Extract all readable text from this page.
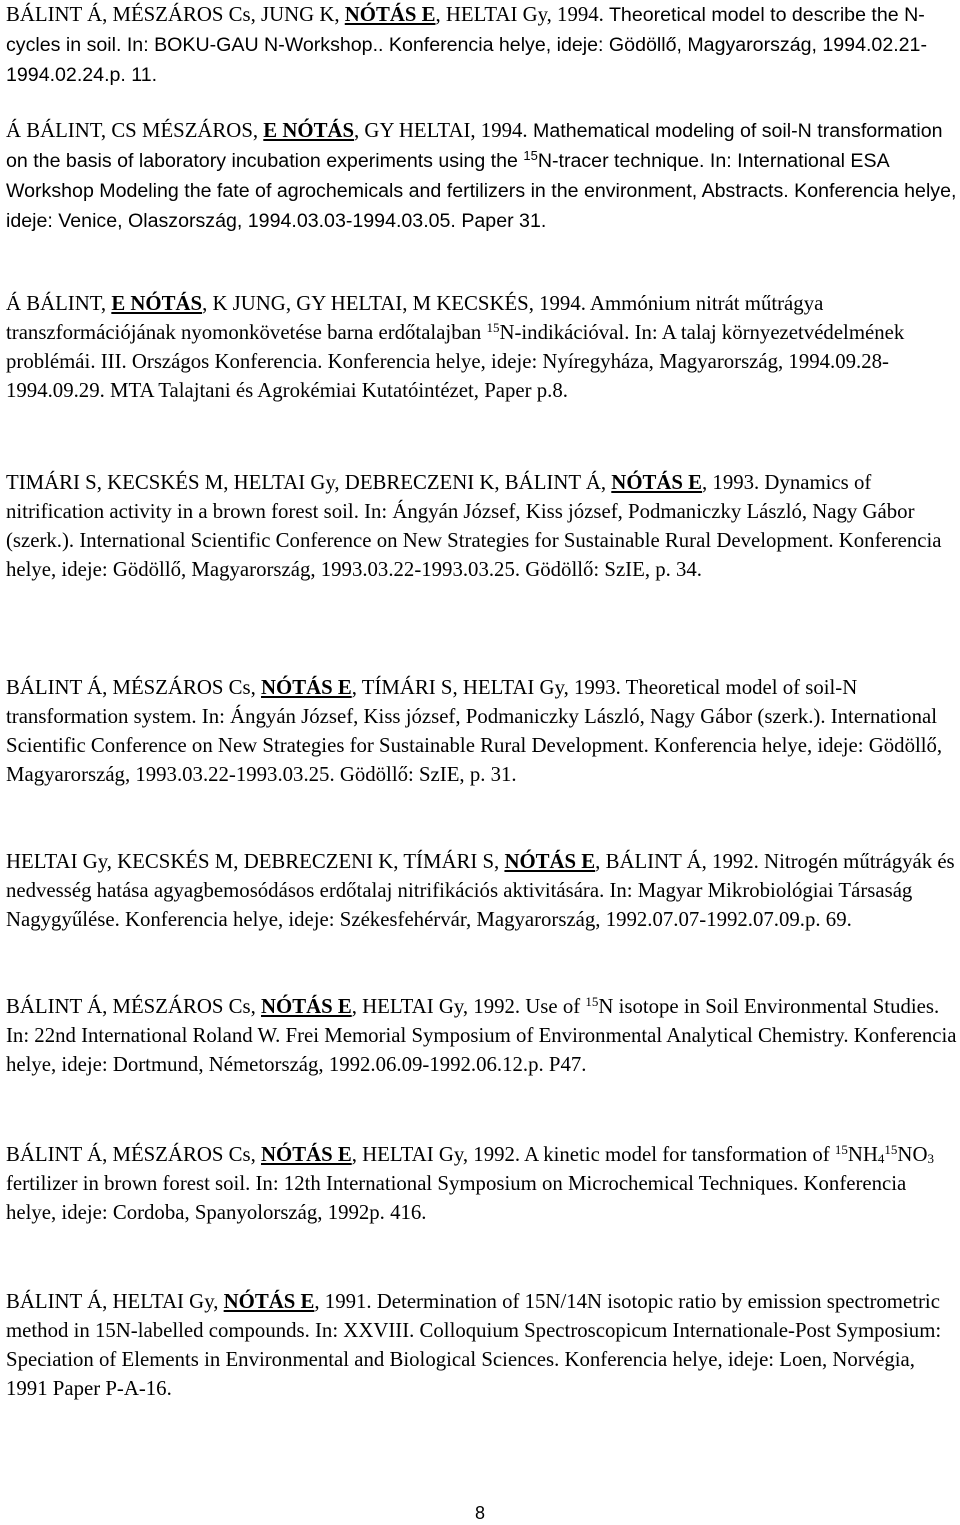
BÁLINT Á, MÉSZÁROS Cs, JUNG K, NÓTÁS E, HELTAI Gy, 1994. Theoretical model to describe the N-cycles in soil. In: BOKU-GAU N-Workshop.. Konferencia helye, ideje: Gödöllő, Magyarország, 1994.02.21-1994.02.24.p. 11.

Á BÁLINT, CS MÉSZÁROS, E NÓTÁS, GY HELTAI, 1994. Mathematical modeling of soil-N transformation on the basis of laboratory incubation experiments using the $^{15}$N-tracer technique. In: International ESA Workshop Modeling the fate of agrochemicals and fertilizers in the environment, Abstracts. Konferencia helye, ideje: Venice, Olaszország, 1994.03.03-1994.03.05. Paper 31.

Á BÁLINT, E NÓTÁS, K JUNG, GY HELTAI, M KECSKÉS, 1994. Ammónium nitrát műtrágya transzformációjának nyomonkövetése barna erdőtalajban $^{15}$N-indikációval. In: A talaj környezetvédelmének problémái. III. Országos Konferencia. Konferencia helye, ideje: Nyíregyháza, Magyarország, 1994.09.28-1994.09.29. MTA Talajtani és Agrokémiai Kutatóintézet, Paper p.8.

TIMÁRI S, KECSKÉS M, HELTAI Gy, DEBRECZENI K, BÁLINT Á, NÓTÁS E, 1993. Dynamics of nitrification activity in a brown forest soil. In: Ángyán József, Kiss józsef, Podmaniczky László, Nagy Gábor (szerk.). International Scientific Conference on New Strategies for Sustainable Rural Development. Konferencia helye, ideje: Gödöllő, Magyarország, 1993.03.22-1993.03.25. Gödöllő: SzIE, p. 34.

BÁLINT Á, MÉSZÁROS Cs, NÓTÁS E, TÍMÁRI S, HELTAI Gy, 1993. Theoretical model of soil-N transformation system. In: Ángyán József, Kiss józsef, Podmaniczky László, Nagy Gábor (szerk.). International Scientific Conference on New Strategies for Sustainable Rural Development. Konferencia helye, ideje: Gödöllő, Magyarország, 1993.03.22-1993.03.25. Gödöllő: SzIE, p. 31.

HELTAI Gy, KECSKÉS M, DEBRECZENI K, TÍMÁRI S, NÓTÁS E, BÁLINT Á, 1992. Nitrogén műtrágyák és nedvesség hatása agyagbemosódásos erdőtalaj nitrifikációs aktivitására. In: Magyar Mikrobiológiai Társaság Nagygyűlése. Konferencia helye, ideje: Székesfehérvár, Magyarország, 1992.07.07-1992.07.09.p. 69.

BÁLINT Á, MÉSZÁROS Cs, NÓTÁS E, HELTAI Gy, 1992. Use of $^{15}$N isotope in Soil Environmental Studies. In: 22nd International Roland W. Frei Memorial Symposium of Environmental Analytical Chemistry. Konferencia helye, ideje: Dortmund, Németország, 1992.06.09-1992.06.12.p. P47.

BÁLINT Á, MÉSZÁROS Cs, NÓTÁS E, HELTAI Gy, 1992. A kinetic model for tansformation of $^{15}NH_4^{15}NO_3$ fertilizer in brown forest soil. In: 12th International Symposium on Microchemical Techniques. Konferencia helye, ideje: Cordoba, Spanyolország, 1992p. 416.

BÁLINT Á, HELTAI Gy, NÓTÁS E, 1991. Determination of 15N/14N isotopic ratio by emission spectrometric method in 15N-labelled compounds. In: XXVIII. Colloquium Spectroscopicum Internationale-Post Symposium: Speciation of Elements in Environmental and Biological Sciences. Konferencia helye, ideje: Loen, Norvégia, 1991 Paper P-A-16.

8
